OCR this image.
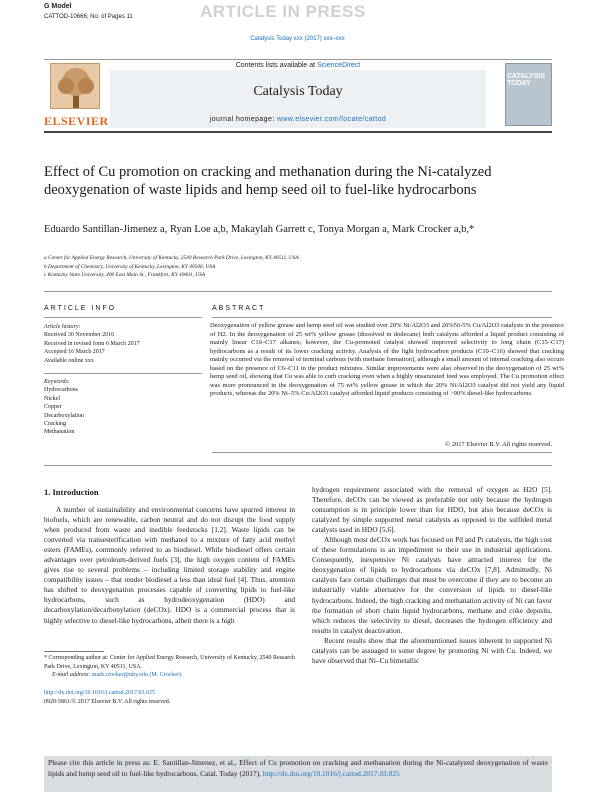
G Model
CATTOD-10666; No. of Pages 11	ARTICLE IN PRESS
Catalysis Today xxx (2017) xxx–xxx
ELSEVIER
Contents lists available at ScienceDirect
Catalysis Today
journal homepage: www.elsevier.com/locate/cattod
CATALYSIS TODAY
Effect of Cu promotion on cracking and methanation during the Ni-catalyzed deoxygenation of waste lipids and hemp seed oil to fuel-like hydrocarbons
Eduardo Santillan-Jimenez a, Ryan Loe a,b, Makaylah Garrett c, Tonya Morgan a, Mark Crocker a,b,*
a Center for Applied Energy Research, University of Kentucky, 2540 Research Park Drive, Lexington, KY 40511, USA
b Department of Chemistry, University of Kentucky, Lexington, KY 40506, USA
c Kentucky State University, 400 East Main St., Frankfort, KY 40601, USA
ARTICLE INFO
Article history:
Received 30 November 2016
Received in revised form 6 March 2017
Accepted 16 March 2017
Available online xxx
Keywords:
Hydrocarbons
Nickel
Copper
Decarboxylation
Cracking
Methanation
ABSTRACT
Deoxygenation of yellow grease and hemp seed oil was studied over 20% Ni/Al2O3 and 20%Ni-5% Cu/Al2O3 catalysts in the presence of H2. In the deoxygenation of 25 wt% yellow grease (dissolved in dodecane) both catalysts afforded a liquid product consisting of mainly linear C10–C17 alkanes; however, the Cu-promoted catalyst showed improved selectivity to long chain (C15–C17) hydrocarbons as a result of its lower cracking activity. Analysis of the light hydrocarbon products (C10–C16) showed that cracking mainly occurred via the removal of terminal carbons (with methane formation), although a small amount of internal cracking also occurs based on the presence of C6–C11 in the product mixtures. Similar improvements were also observed in the deoxygenation of 25 wt% hemp seed oil, showing that Cu was able to curb cracking even when a highly unsaturated feed was employed. The Cu promotion effect was more pronounced in the deoxygenation of 75 wt% yellow grease in which the 20% Ni/Al2O3 catalyst did not yield any liquid products, whereas the 20% Ni–5% Cu/Al2O3 catalyst afforded liquid products consisting of >90% diesel-like hydrocarbons.
© 2017 Elsevier B.V. All rights reserved.
1. Introduction

A number of sustainability and environmental concerns have spurred interest in biofuels, which are renewable, carbon neutral and do not disrupt the food supply when produced from waste and inedible feedstocks [1,2]. Waste lipids can be converted via transesterification with methanol to a mixture of fatty acid methyl esters (FAMEs), commonly referred to as biodiesel. While biodiesel offers certain advantages over petroleum-derived fuels [3], the high oxygen content of FAMEs gives rise to several problems – including limited storage stability and engine compatibility issues – that render biodiesel a less than ideal fuel [4]. Thus, attention has shifted to deoxygenation processes capable of converting lipids to fuel-like hydrocarbons, such as hydrodeoxygenation (HDO) and decarboxylation/decarbonylation (deCOx). HDO is a commercial process that is highly selective to diesel-like hydrocarbons, albeit there is a high

hydrogen requirement associated with the removal of oxygen as H2O [5]. Therefore, deCOx can be viewed as preferable not only because the hydrogen consumption is in principle lower than for HDO, but also because deCOx is catalyzed by simple supported metal catalysts as opposed to the sulfided metal catalysts used in HDO [5,6].

Although most deCOx work has focused on Pd and Pt catalysts, the high cost of these formulations is an impediment to their use in industrial applications. Consequently, inexpensive Ni catalysts have attracted interest for the deoxygenation of lipids to hydrocarbons via deCOx [7,8]. Admittedly, Ni catalysts face certain challenges that must be overcome if they are to become an industrially viable alternative for the conversion of lipids to diesel-like hydrocarbons. Indeed, the high cracking and methanation activity of Ni can favor the formation of short chain liquid hydrocarbons, methane and coke deposits, which reduces the selectivity to diesel, decreases the hydrogen efficiency and results in catalyst deactivation.

Recent results show that the aforementioned issues inherent to supported Ni catalysts can be assuaged to some degree by promoting Ni with Cu. Indeed, we have observed that Ni–Cu bimetallic

* Corresponding author at: Center for Applied Energy Research, University of Kentucky, 2540 Research Park Drive, Lexington, KY 40511, USA.
E-mail address: mark.crocker@uky.edu (M. Crocker).
http://dx.doi.org/10.1016/j.cattod.2017.03.025
0920-5861/© 2017 Elsevier B.V. All rights reserved.
Please cite this article in press as: E. Santillan-Jimenez, et al., Effect of Cu promotion on cracking and methanation during the Ni-catalyzed deoxygenation of waste lipids and hemp seed oil to fuel-like hydrocarbons, Catal. Today (2017), http://dx.doi.org/10.1016/j.cattod.2017.03.025
